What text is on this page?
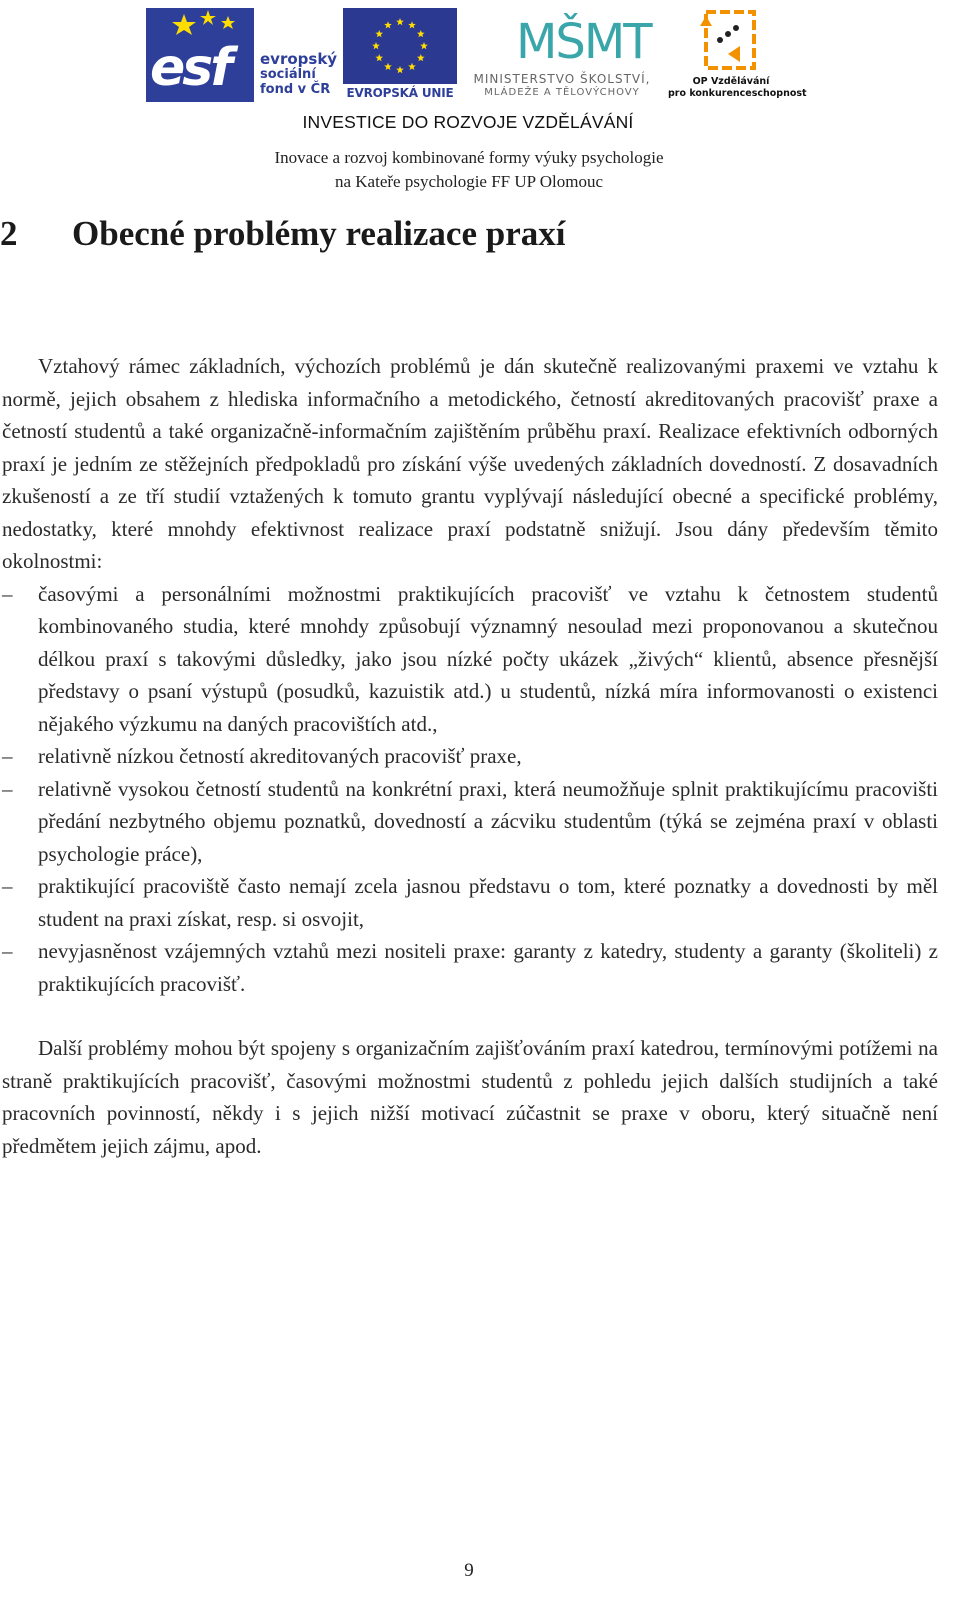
esf evropský
sociální
fond v ČR	EVROPSKÁ UNIE
MŠMT
MINISTERSTVO ŠKOLSTVÍ,
MLÁDEŽE A TĚLOVÝCHOVY
OP Vzdělávání
pro konkurenceschopnost
INVESTICE DO ROZVOJE VZDĚLÁVÁNÍ
Inovace a rozvoj kombinované formy výuky psychologie
na Kateře psychologie FF UP Olomouc
2 Obecné problémy realizace praxí

Vztahový rámec základních, výchozích problémů je dán skutečně realizovanými praxemi ve vztahu k normě, jejich obsahem z hlediska informačního a metodického, četností akreditovaných pracovišť praxe a četností studentů a také organizačně-informačním zajištěním průběhu praxí. Realizace efektivních odborných praxí je jedním ze stěžejních předpokladů pro získání výše uvedených základních dovedností. Z dosavadních zkušeností a ze tří studií vztažených k tomuto grantu vyplývají následující obecné a specifické problémy, nedostatky, které mnohdy efektivnost realizace praxí podstatně snižují. Jsou dány především těmito okolnostmi:

–	časovými a personálními možnostmi praktikujících pracovišť ve vztahu k četnostem studentů kombinovaného studia, které mnohdy způsobují významný nesoulad mezi proponovanou a skutečnou délkou praxí s takovými důsledky, jako jsou nízké počty ukázek „živých“ klientů, absence přesnější představy o psaní výstupů (posudků, kazuistik atd.) u studentů, nízká míra informovanosti o existenci nějakého výzkumu na daných pracovištích atd.,
–	relativně nízkou četností akreditovaných pracovišť praxe,
–	relativně vysokou četností studentů na konkrétní praxi, která neumožňuje splnit praktikujícímu pracovišti předání nezbytného objemu poznatků, dovedností a zácviku studentům (týká se zejména praxí v oblasti psychologie práce),
–	praktikující pracoviště často nemají zcela jasnou představu o tom, které poznatky a dovednosti by měl student na praxi získat, resp. si osvojit,
–	nevyjasněnost vzájemných vztahů mezi nositeli praxe: garanty z katedry, studenty a garanty (školiteli) z praktikujících pracovišť.

Další problémy mohou být spojeny s organizačním zajišťováním praxí katedrou, termínovými potížemi na straně praktikujících pracovišť, časovými možnostmi studentů z pohledu jejich dalších studijních a také pracovních povinností, někdy i s jejich nižší motivací zúčastnit se praxe v oboru, který situačně není předmětem jejich zájmu, apod.

9
